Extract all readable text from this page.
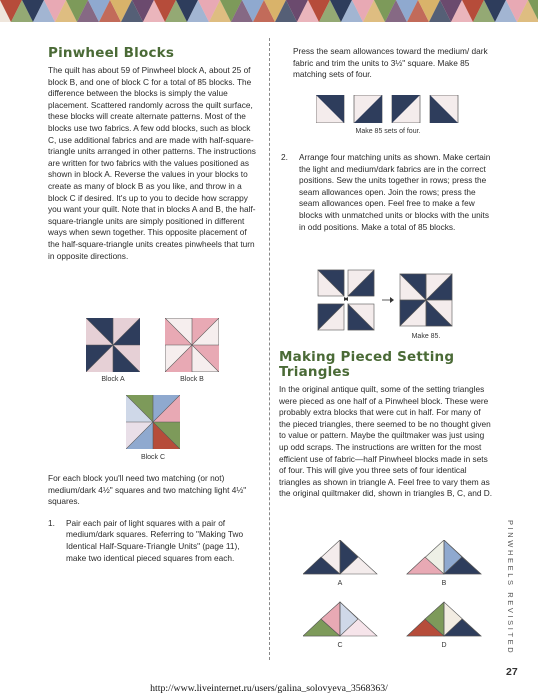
Pinwheel Blocks

The quilt has about 59 of Pinwheel block A, about 25 of block B, and one of block C for a total of 85 blocks. The difference between the blocks is simply the value placement. Scattered randomly across the quilt surface, these blocks will create alternate patterns. Most of the blocks use two fabrics. A few odd blocks, such as block C, use additional fabrics and are made with half-square-triangle units arranged in other patterns. The instructions are written for two fabrics with the values positioned as shown in block A. Reverse the values in your blocks to create as many of block B as you like, and throw in a block C if desired. It's up to you to decide how scrappy you want your quilt. Note that in blocks A and B, the half-square-triangle units are simply positioned in different ways when sewn together. This opposite placement of the half-square-triangle units creates pinwheels that turn in opposite directions.

Block A	Block B
Block C

For each block you'll need two matching (or not) medium/dark 4½" squares and two matching light 4½" squares.

1. Pair each pair of light squares with a pair of medium/dark squares. Referring to "Making Two Identical Half-Square-Triangle Units" (page 11), make two identical pieced squares from each.

Press the seam allowances toward the medium/ dark fabric and trim the units to 3½" square. Make 85 matching sets of four.

Make 85 sets of four.
2. Arrange four matching units as shown. Make certain the light and medium/dark fabrics are in the correct positions. Sew the units together in rows; press the seam allowances open. Join the rows; press the seam allowances open. Feel free to make a few blocks with unmatched units or blocks with the units in odd positions. Make a total of 85 blocks.
Make 85.
Making Pieced Setting Triangles

In the original antique quilt, some of the setting triangles were pieced as one half of a Pinwheel block. These were probably extra blocks that were cut in half. For many of the pieced triangles, there seemed to be no thought given to value or pattern. Maybe the quiltmaker was just using up odd scraps. The instructions are written for the most efficient use of fabric—half Pinwheel blocks made in sets of four. This will give you three sets of four identical triangles as shown in triangle A. Feel free to vary them as the original quiltmaker did, shown in triangles B, C, and D.

A	B
C	D	PINWHEELS REVISITED
27
http://www.liveinternet.ru/users/galina_solovyeva_3568363/
